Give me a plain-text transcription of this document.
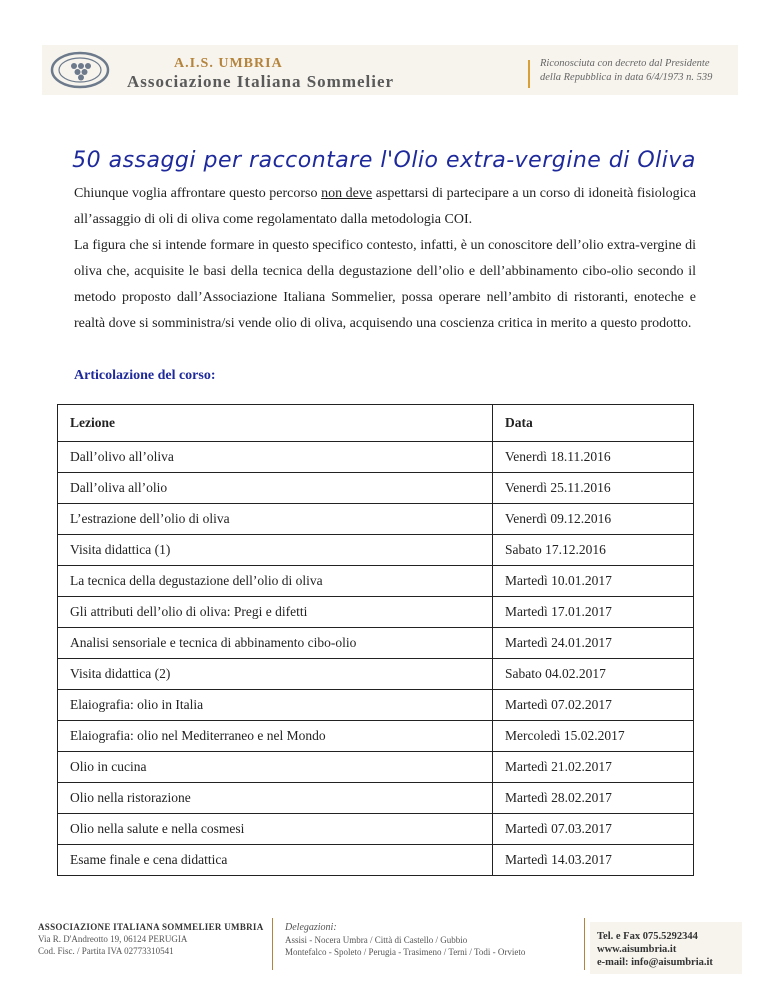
A.I.S. UMBRIA
Associazione Italiana Sommelier
Riconosciuta con decreto dal Presidente
della Repubblica in data 6/4/1973 n. 539
50 assaggi per raccontare l'Olio extra-vergine di Oliva

Chiunque voglia affrontare questo percorso non deve aspettarsi di partecipare a un corso di idoneità fisiologica all’assaggio di oli di oliva come regolamentato dalla metodologia COI.

La figura che si intende formare in questo specifico contesto, infatti, è un conoscitore dell’olio extra-vergine di oliva che, acquisite le basi della tecnica della degustazione dell’olio e dell’abbinamento cibo-olio secondo il metodo proposto dall’Associazione Italiana Sommelier, possa operare nell’ambito di ristoranti, enoteche e realtà dove si somministra/si vende olio di oliva, acquisendo una coscienza critica in merito a questo prodotto.

Articolazione del corso:
Lezione	Data
Dall’olivo all’oliva	Venerdì 18.11.2016
Dall’oliva all’olio	Venerdì 25.11.2016
L’estrazione dell’olio di oliva	Venerdì 09.12.2016
Visita didattica (1)	Sabato 17.12.2016
La tecnica della degustazione dell’olio di oliva	Martedì 10.01.2017
Gli attributi dell’olio di oliva: Pregi e difetti	Martedì 17.01.2017
Analisi sensoriale e tecnica di abbinamento cibo-olio	Martedì 24.01.2017
Visita didattica (2)	Sabato 04.02.2017
Elaiografia: olio in Italia	Martedì 07.02.2017
Elaiografia: olio nel Mediterraneo e nel Mondo	Mercoledì 15.02.2017
Olio in cucina	Martedì 21.02.2017
Olio nella ristorazione	Martedì 28.02.2017
Olio nella salute e nella cosmesi	Martedì 07.03.2017
Esame finale e cena didattica	Martedì 14.03.2017
ASSOCIAZIONE ITALIANA SOMMELIER UMBRIA
Via R. D'Andreotto 19, 06124 PERUGIA
Cod. Fisc. / Partita IVA 02773310541
Delegazioni:
Assisi - Nocera Umbra / Città di Castello / Gubbio
Montefalco - Spoleto / Perugia - Trasimeno / Terni / Todi - Orvieto
Tel. e Fax 075.5292344
www.aisumbria.it
e-mail: info@aisumbria.it
